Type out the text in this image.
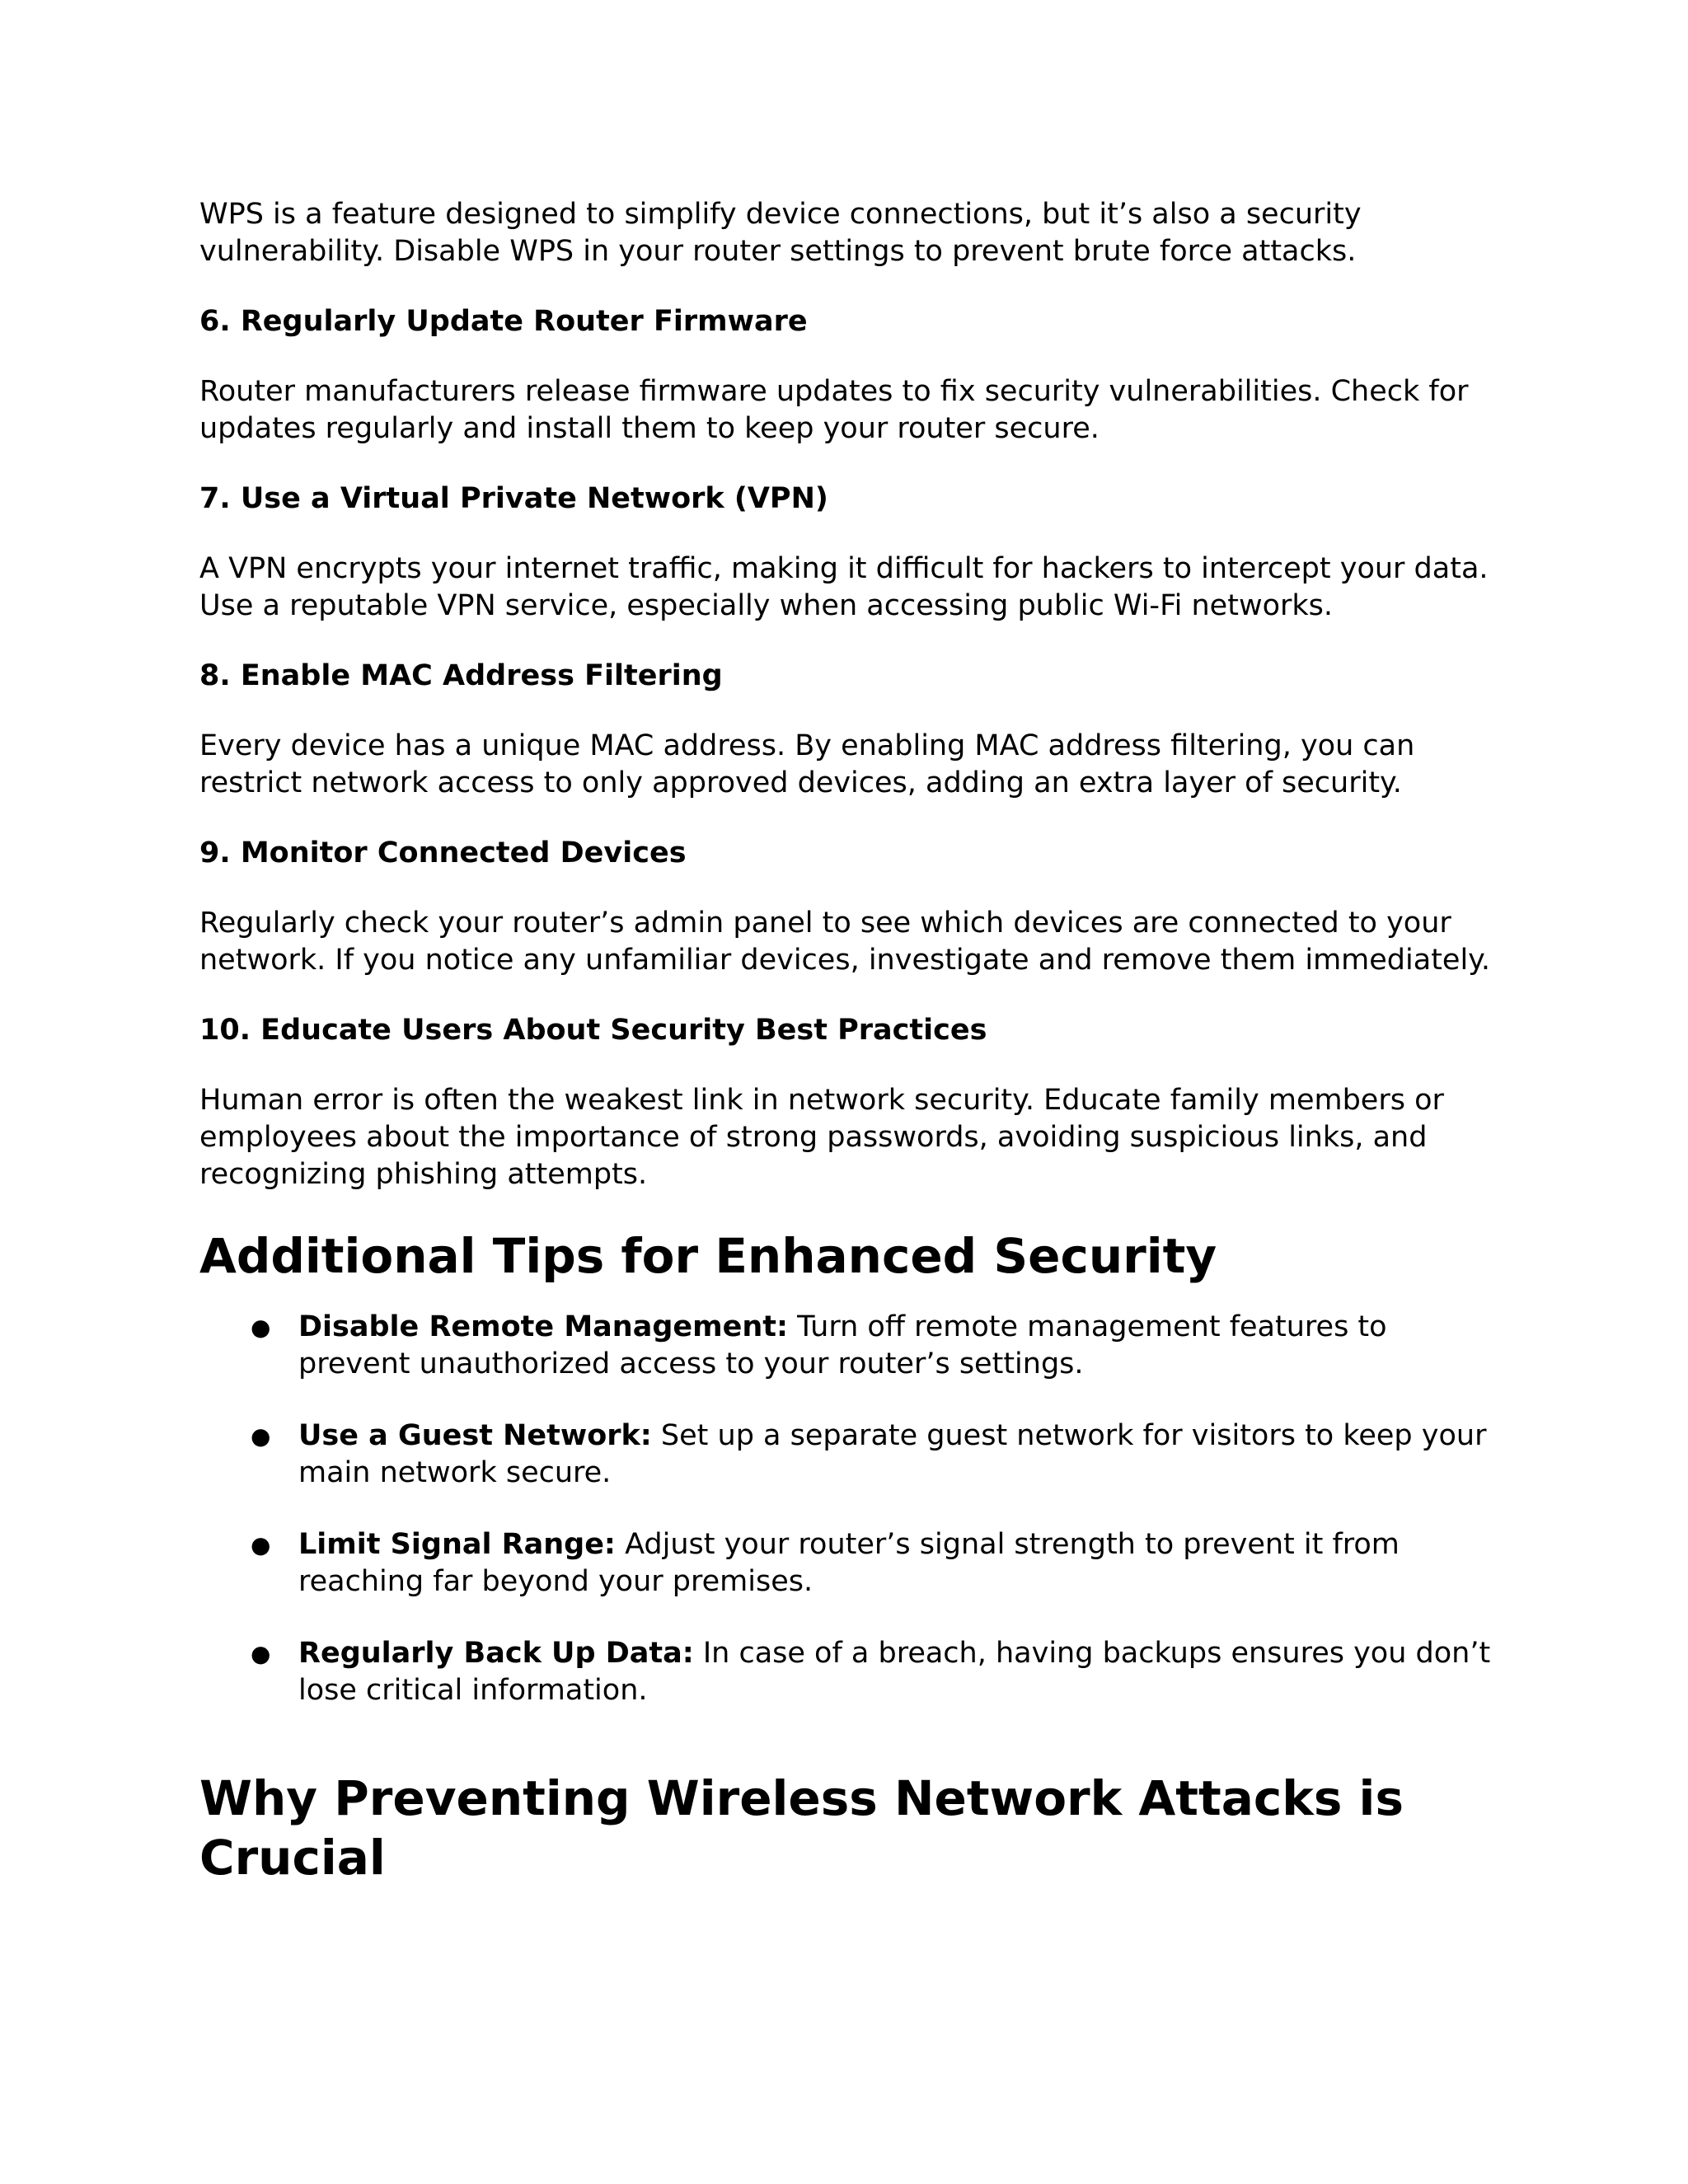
WPS is a feature designed to simplify device connections, but it’s also a security vulnerability. Disable WPS in your router settings to prevent brute force attacks.

6. Regularly Update Router Firmware

Router manufacturers release firmware updates to fix security vulnerabilities. Check for updates regularly and install them to keep your router secure.

7. Use a Virtual Private Network (VPN)

A VPN encrypts your internet traffic, making it difficult for hackers to intercept your data. Use a reputable VPN service, especially when accessing public Wi-Fi networks.

8. Enable MAC Address Filtering

Every device has a unique MAC address. By enabling MAC address filtering, you can restrict network access to only approved devices, adding an extra layer of security.

9. Monitor Connected Devices

Regularly check your router’s admin panel to see which devices are connected to your network. If you notice any unfamiliar devices, investigate and remove them immediately.

10. Educate Users About Security Best Practices

Human error is often the weakest link in network security. Educate family members or employees about the importance of strong passwords, avoiding suspicious links, and recognizing phishing attempts.

Additional Tips for Enhanced Security
● Disable Remote Management: Turn off remote management features to prevent unauthorized access to your router’s settings.
● Use a Guest Network: Set up a separate guest network for visitors to keep your main network secure.
● Limit Signal Range: Adjust your router’s signal strength to prevent it from reaching far beyond your premises.
● Regularly Back Up Data: In case of a breach, having backups ensures you don’t lose critical information.
Why Preventing Wireless Network Attacks is Crucial
